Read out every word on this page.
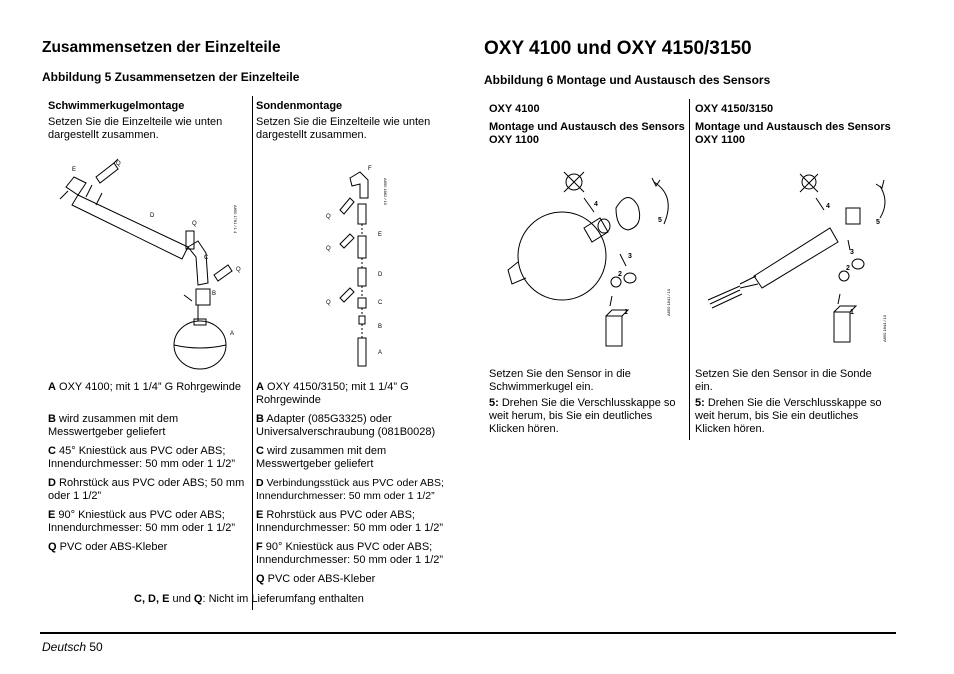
Zusammensetzen der Einzelteile
Abbildung 5 Zusammensetzen der Einzelteile
Schwimmerkugelmontage
Setzen Sie die Einzelteile wie unten dargestellt zusammen.
Sondenmontage
Setzen Sie die Einzelteile wie unten dargestellt zusammen.
E
Q
D
Q
C
Q
B
A
A850 1781 / 1 4
F
Q
E
Q
D
Q	C
B
A
A850 1882 / 10
A OXY 4100; mit 1 1/4” G Rohrgewinde
B wird zusammen mit dem Messwertgeber geliefert
C 45° Kniestück aus PVC oder ABS; Innendurchmesser: 50 mm oder 1 1/2”
D Rohrstück aus PVC oder ABS; 50 mm oder 1 1/2”
E 90° Kniestück aus PVC oder ABS; Innendurchmesser: 50 mm oder 1 1/2”
Q PVC oder ABS-Kleber
A OXY 4150/3150; mit 1 1/4” G Rohrgewinde
B Adapter (085G3325) oder Universalverschraubung (081B0028)
C wird zusammen mit dem Messwertgeber geliefert
D Verbindungsstück aus PVC oder ABS; Innendurchmesser: 50 mm oder 1 1/2”
E Rohrstück aus PVC oder ABS; Innendurchmesser: 50 mm oder 1 1/2”
F 90° Kniestück aus PVC oder ABS; Innendurchmesser: 50 mm oder 1 1/2”
Q PVC oder ABS-Kleber
C, D, E und Q: Nicht im Lieferumfang enthalten
OXY 4100 und OXY 4150/3150
Abbildung 6 Montage und Austausch des Sensors
OXY 4100
Montage und Austausch des Sensors OXY 1100
OXY 4150/3150
Montage und Austausch des Sensors OXY 1100
4
5
3
2
1	A850 1841 / 10
4
5
3
2
1
A850 1844 / 10
Setzen Sie den Sensor in die Schwimmerkugel ein.
5: Drehen Sie die Verschlusskappe so weit herum, bis Sie ein deutliches Klicken hören.
Setzen Sie den Sensor in die Sonde ein.
5: Drehen Sie die Verschlusskappe so weit herum, bis Sie ein deutliches Klicken hören.
Deutsch 50
